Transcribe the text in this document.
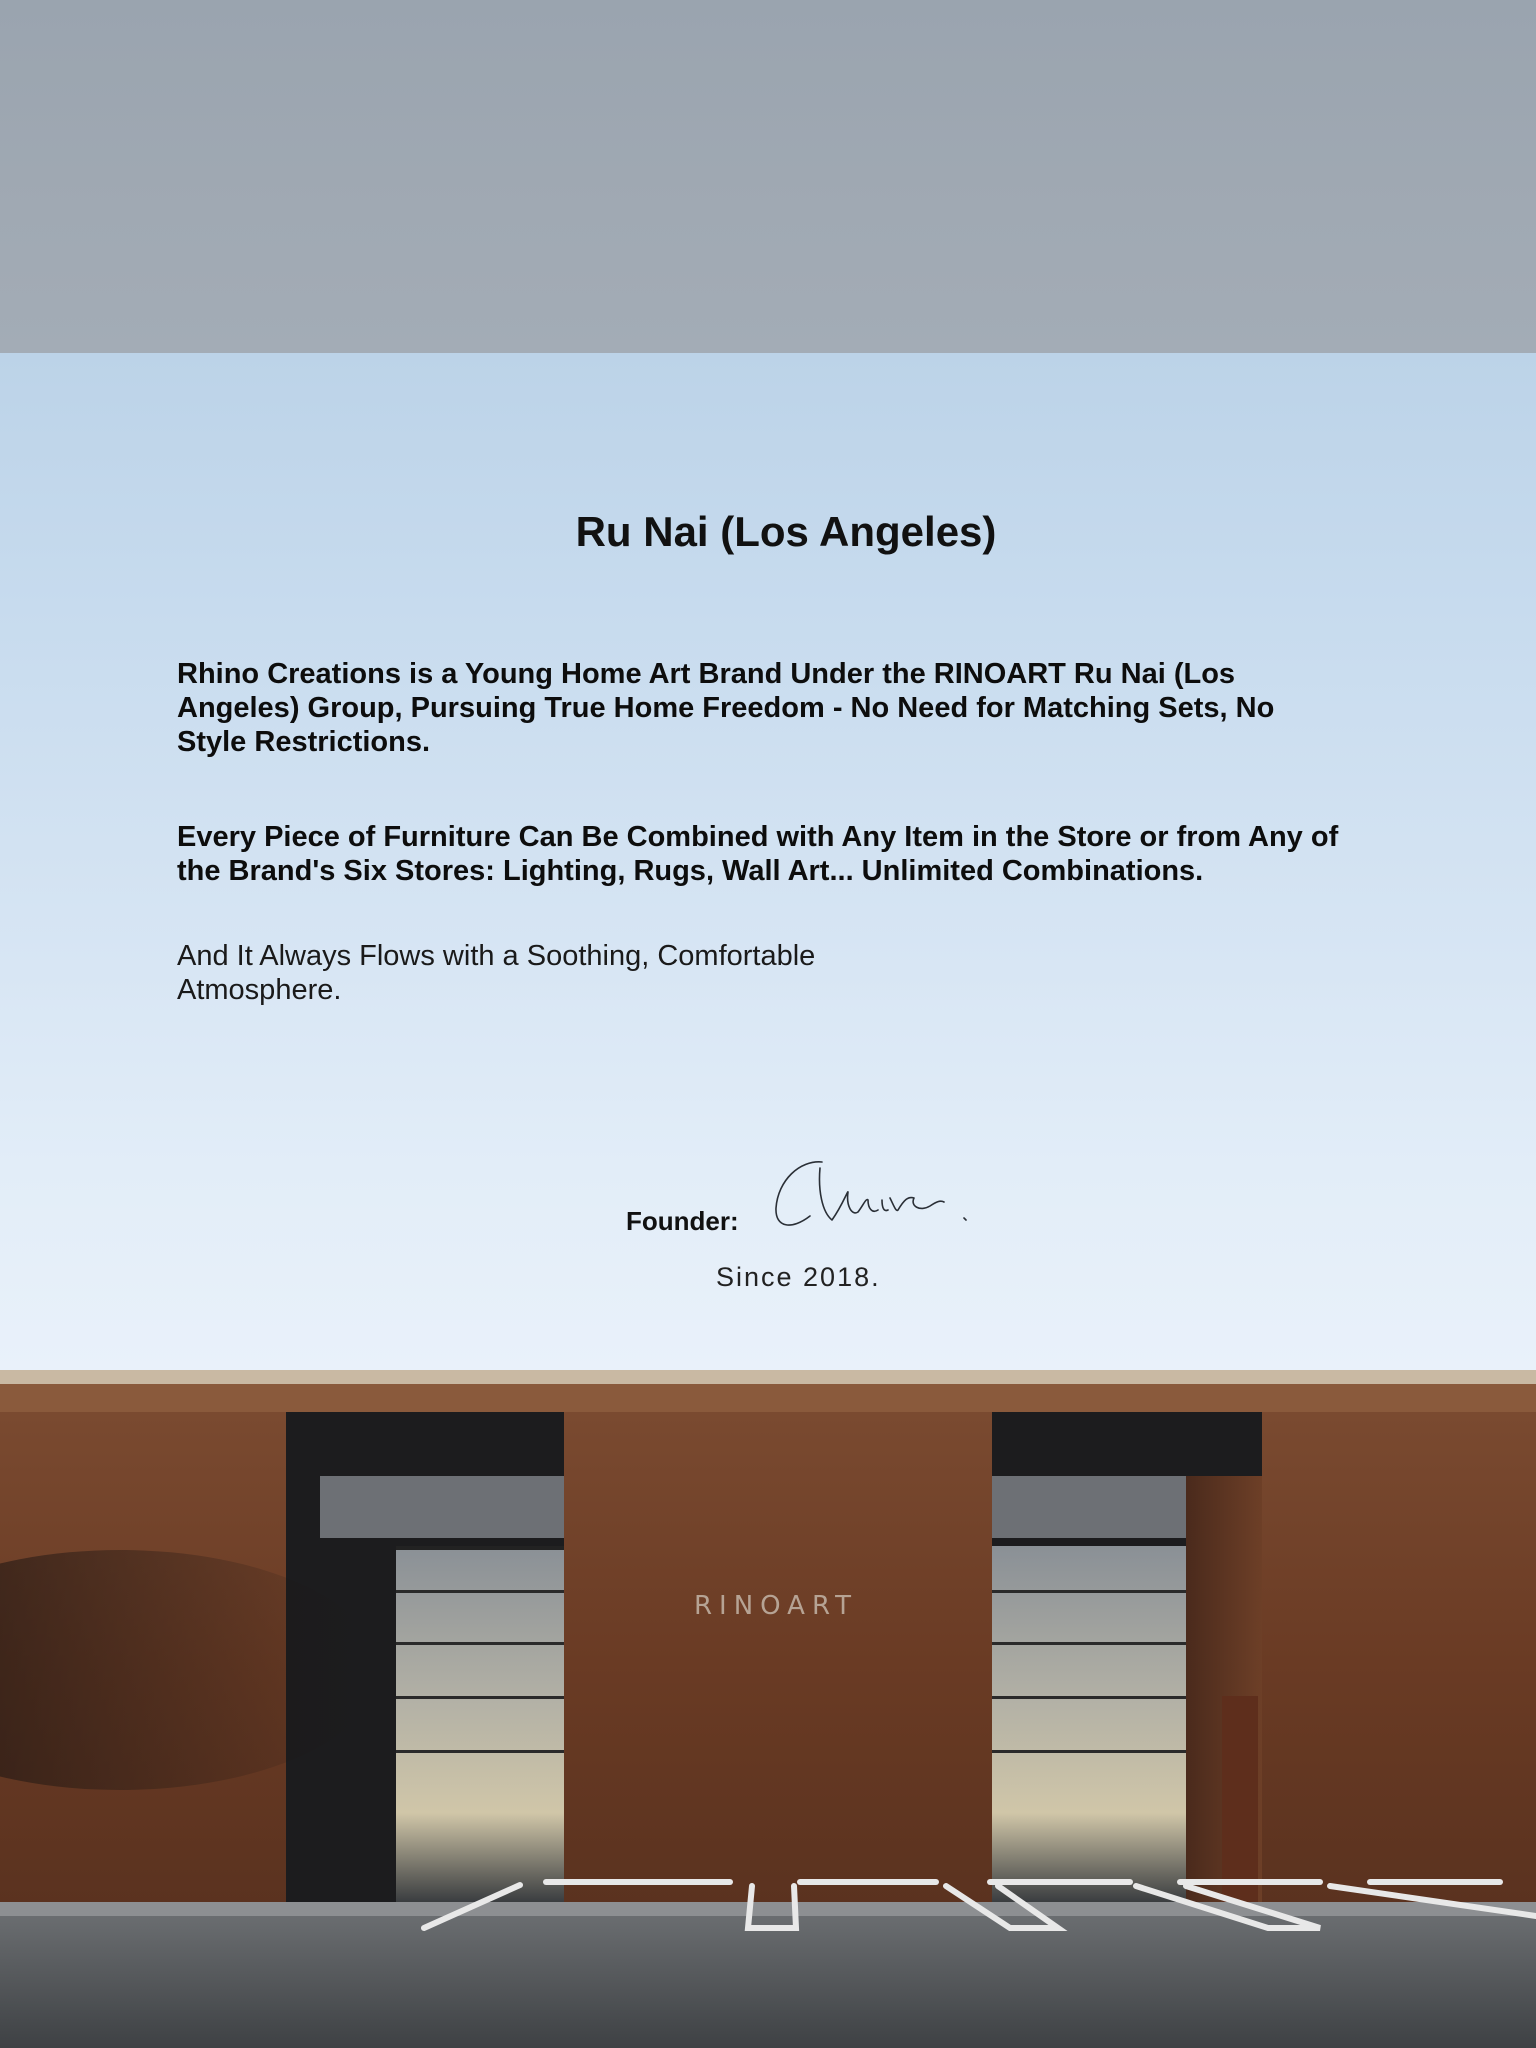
Ru Nai (Los Angeles)

Rhino Creations is a Young Home Art Brand Under the RINOART Ru Nai (Los Angeles) Group, Pursuing True Home Freedom - No Need for Matching Sets, No Style Restrictions.

Every Piece of Furniture Can Be Combined with Any Item in the Store or from Any of the Brand's Six Stores: Lighting, Rugs, Wall Art... Unlimited Combinations.

And It Always Flows with a Soothing, Comfortable Atmosphere.

Founder:
Since 2018.
RINOART
